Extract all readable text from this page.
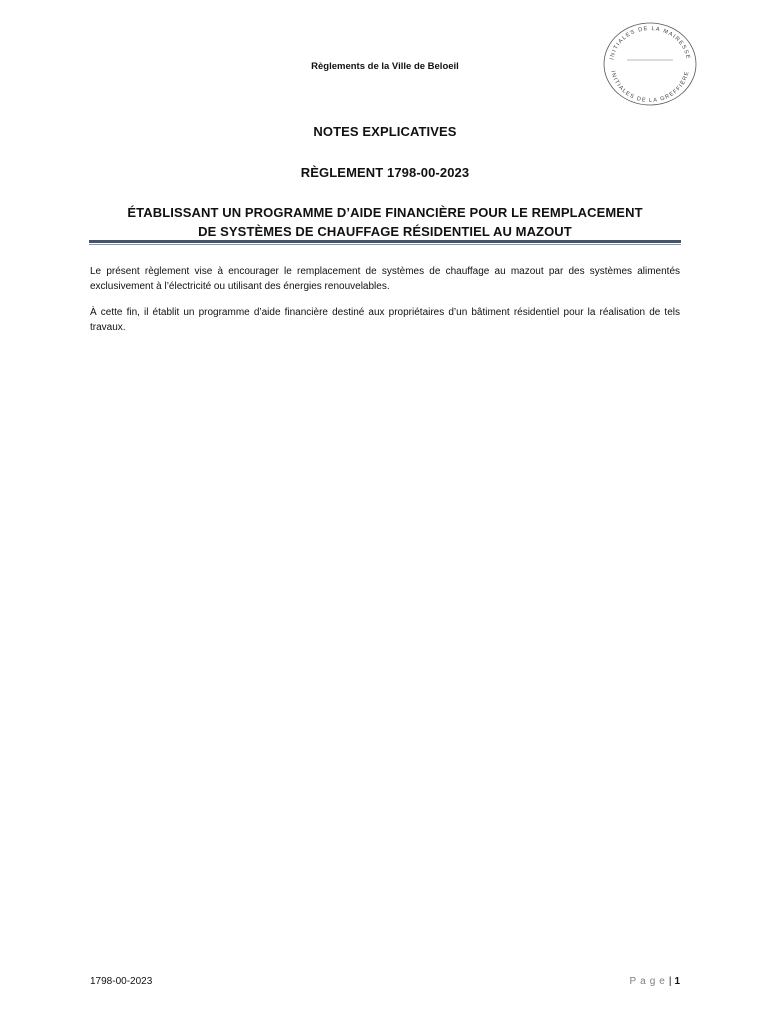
Règlements de la Ville de Beloeil
INITIALES DE LA MAIRESSE
INITIALES DE LA GREFFIÈRE
NOTES EXPLICATIVES
RÈGLEMENT 1798-00-2023
ÉTABLISSANT UN PROGRAMME D’AIDE FINANCIÈRE POUR LE REMPLACEMENT
DE SYSTÈMES DE CHAUFFAGE RÉSIDENTIEL AU MAZOUT
Le présent règlement vise à encourager le remplacement de systèmes de chauffage au mazout par des systèmes alimentés exclusivement à l’électricité ou utilisant des énergies renouvelables.
À cette fin, il établit un programme d’aide financière destiné aux propriétaires d’un bâtiment résidentiel pour la réalisation de tels travaux.
1798-00-2023	Page| 1
